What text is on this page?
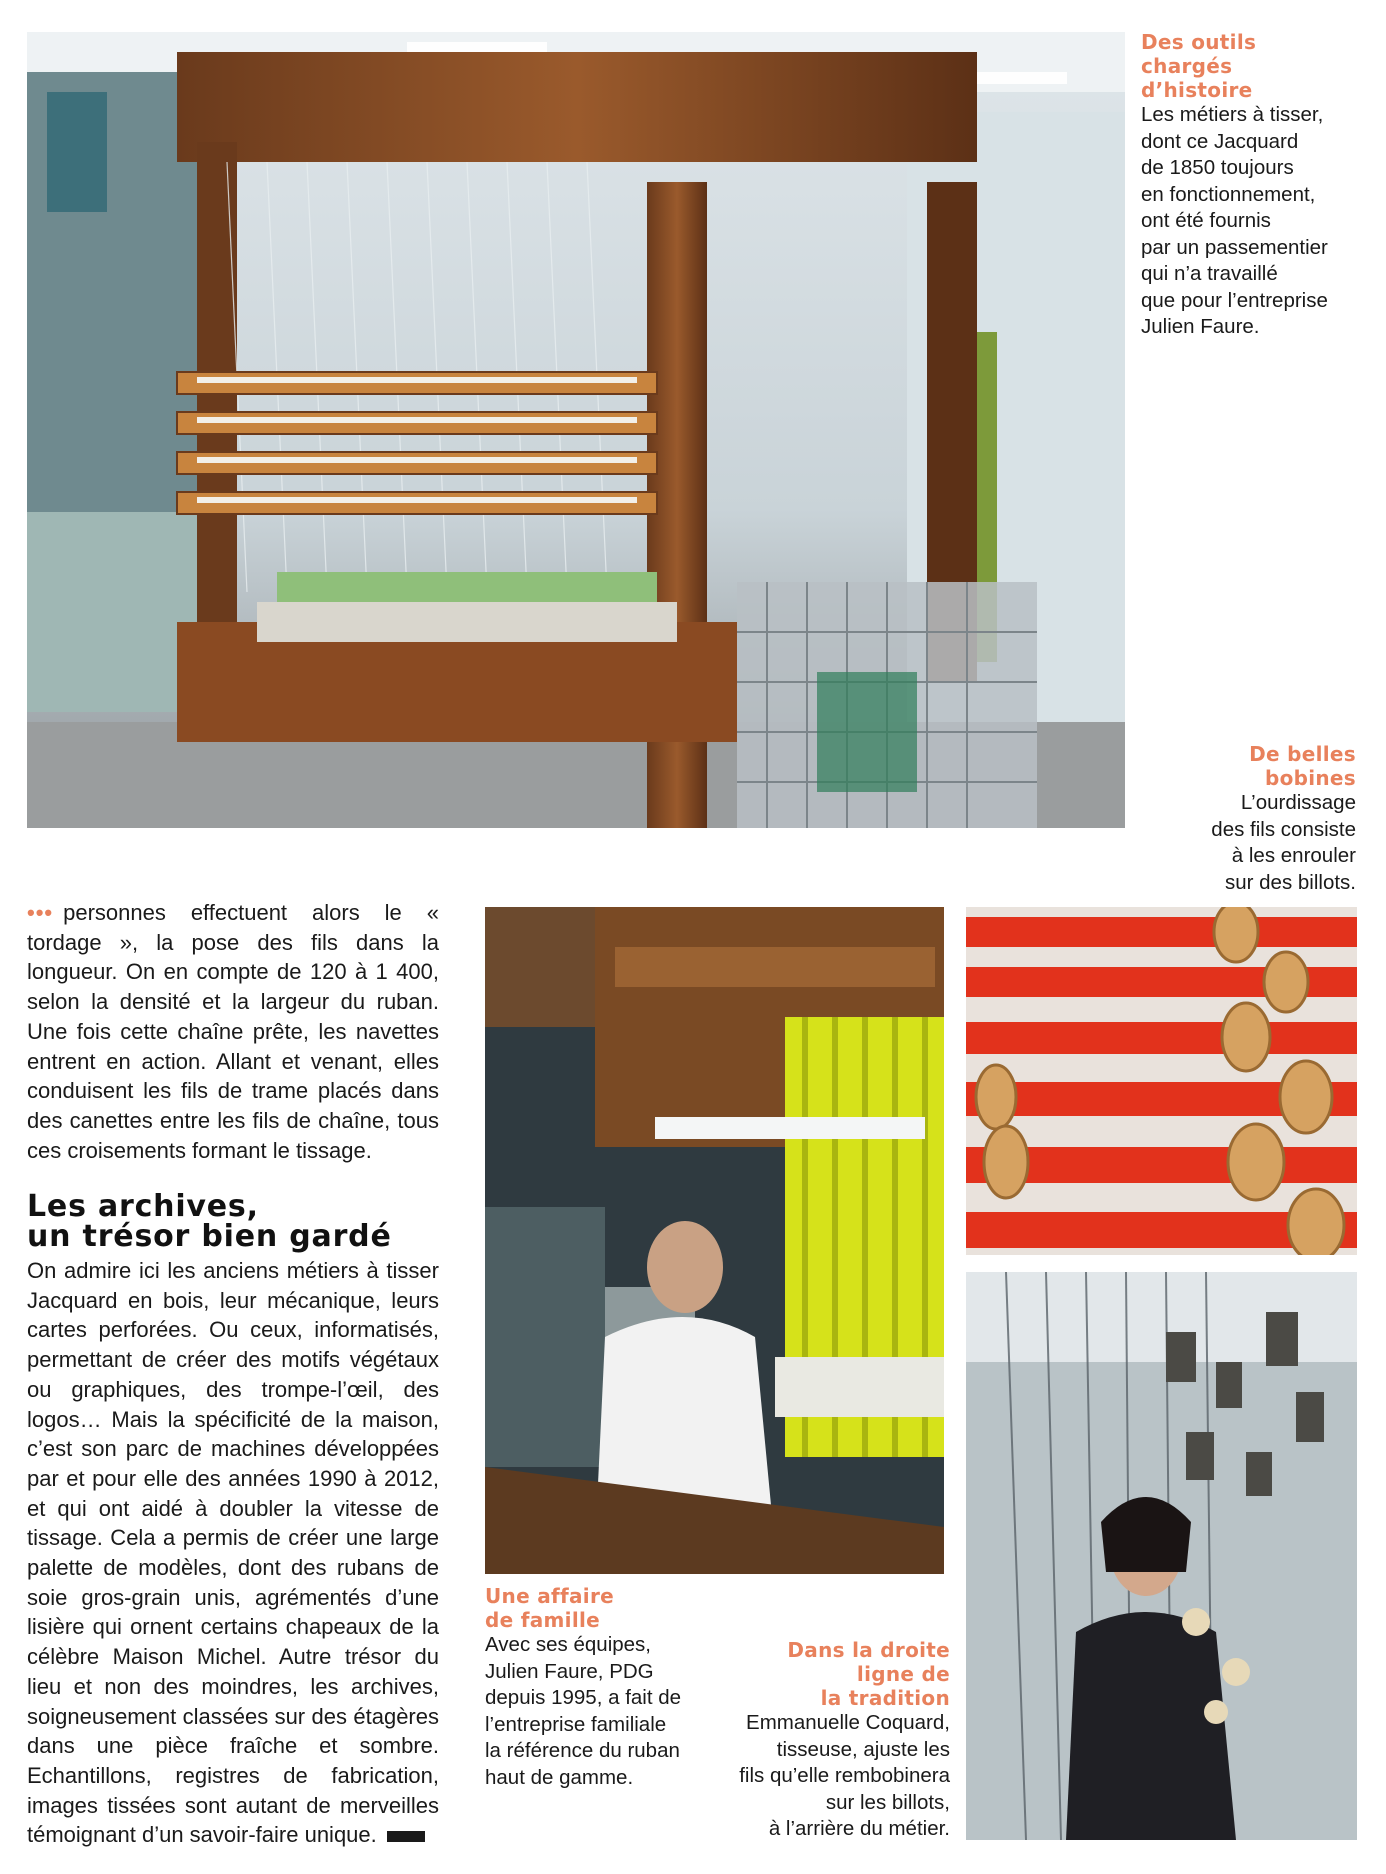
Des outils
chargés
d’histoire
Les métiers à tisser,
dont ce Jacquard
de 1850 toujours
en fonctionnement,
ont été fournis
par un passementier
qui n’a travaillé
que pour l’entreprise
Julien Faure.
De belles
bobines
L’ourdissage
des fils consiste
à les enrouler
sur des billots.
Une affaire
de famille
Avec ses équipes,
Julien Faure, PDG
depuis 1995, a fait de
l’entreprise familiale
la référence du ruban
haut de gamme.
Dans la droite
ligne de
la tradition
Emmanuelle Coquard,
tisseuse, ajuste les
fils qu’elle rembobinera
sur les billots,
à l’arrière du métier.

••• personnes effectuent alors le « tordage », la pose des fils dans la longueur. On en compte de 120 à 1 400, selon la densité et la largeur du ruban. Une fois cette chaîne prête, les navettes entrent en action. Allant et venant, elles conduisent les fils de trame placés dans des canettes entre les fils de chaîne, tous ces croisements formant le tissage.

Les archives,
un trésor bien gardé

On admire ici les anciens métiers à tisser Jacquard en bois, leur mécanique, leurs cartes perforées. Ou ceux, informatisés, permettant de créer des motifs végétaux ou graphiques, des trompe-l’œil, des logos… Mais la spécificité de la maison, c’est son parc de machines développées par et pour elle des années 1990 à 2012, et qui ont aidé à doubler la vitesse de tissage. Cela a permis de créer une large palette de modèles, dont des rubans de soie gros-grain unis, agrémentés d’une lisière qui ornent certains chapeaux de la célèbre Maison Michel. Autre trésor du lieu et non des moindres, les archives, soigneusement classées sur des étagères dans une pièce fraîche et sombre. Echantillons, registres de fabrication, images tissées sont autant de merveilles témoignant d’un savoir-faire unique.
